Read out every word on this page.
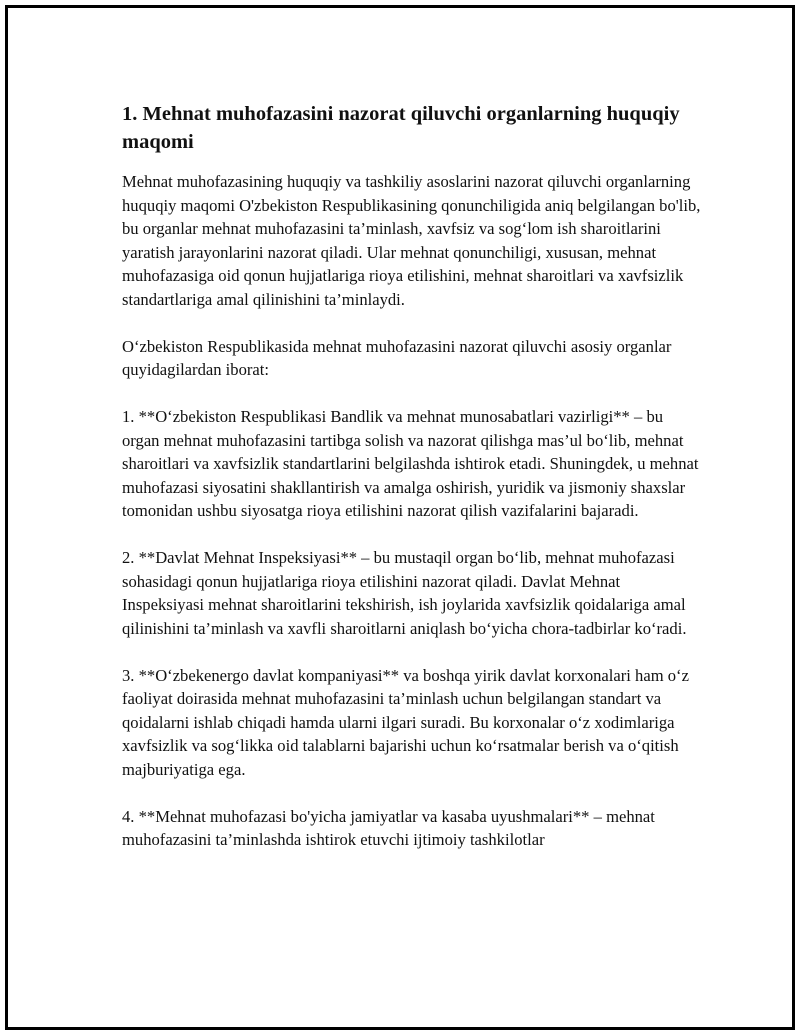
1. Mehnat muhofazasini nazorat qiluvchi organlarning huquqiy maqomi

Mehnat muhofazasining huquqiy va tashkiliy asoslarini nazorat qiluvchi organlarning huquqiy maqomi O'zbekiston Respublikasining qonunchiligida aniq belgilangan bo'lib, bu organlar mehnat muhofazasini ta’minlash, xavfsiz va sog‘lom ish sharoitlarini yaratish jarayonlarini nazorat qiladi. Ular mehnat qonunchiligi, xususan, mehnat muhofazasiga oid qonun hujjatlariga rioya etilishini, mehnat sharoitlari va xavfsizlik standartlariga amal qilinishini ta’minlaydi.

O‘zbekiston Respublikasida mehnat muhofazasini nazorat qiluvchi asosiy organlar quyidagilardan iborat:

1. **O‘zbekiston Respublikasi Bandlik va mehnat munosabatlari vazirligi** – bu organ mehnat muhofazasini tartibga solish va nazorat qilishga mas’ul bo‘lib, mehnat sharoitlari va xavfsizlik standartlarini belgilashda ishtirok etadi. Shuningdek, u mehnat muhofazasi siyosatini shakllantirish va amalga oshirish, yuridik va jismoniy shaxslar tomonidan ushbu siyosatga rioya etilishini nazorat qilish vazifalarini bajaradi.

2. **Davlat Mehnat Inspeksiyasi** – bu mustaqil organ bo‘lib, mehnat muhofazasi sohasidagi qonun hujjatlariga rioya etilishini nazorat qiladi. Davlat Mehnat Inspeksiyasi mehnat sharoitlarini tekshirish, ish joylarida xavfsizlik qoidalariga amal qilinishini ta’minlash va xavfli sharoitlarni aniqlash bo‘yicha chora-tadbirlar ko‘radi.

3. **O‘zbekenergo davlat kompaniyasi** va boshqa yirik davlat korxonalari ham o‘z faoliyat doirasida mehnat muhofazasini ta’minlash uchun belgilangan standart va qoidalarni ishlab chiqadi hamda ularni ilgari suradi. Bu korxonalar o‘z xodimlariga xavfsizlik va sog‘likka oid talablarni bajarishi uchun ko‘rsatmalar berish va o‘qitish majburiyatiga ega.

4. **Mehnat muhofazasi bo'yicha jamiyatlar va kasaba uyushmalari** – mehnat muhofazasini ta’minlashda ishtirok etuvchi ijtimoiy tashkilotlar
